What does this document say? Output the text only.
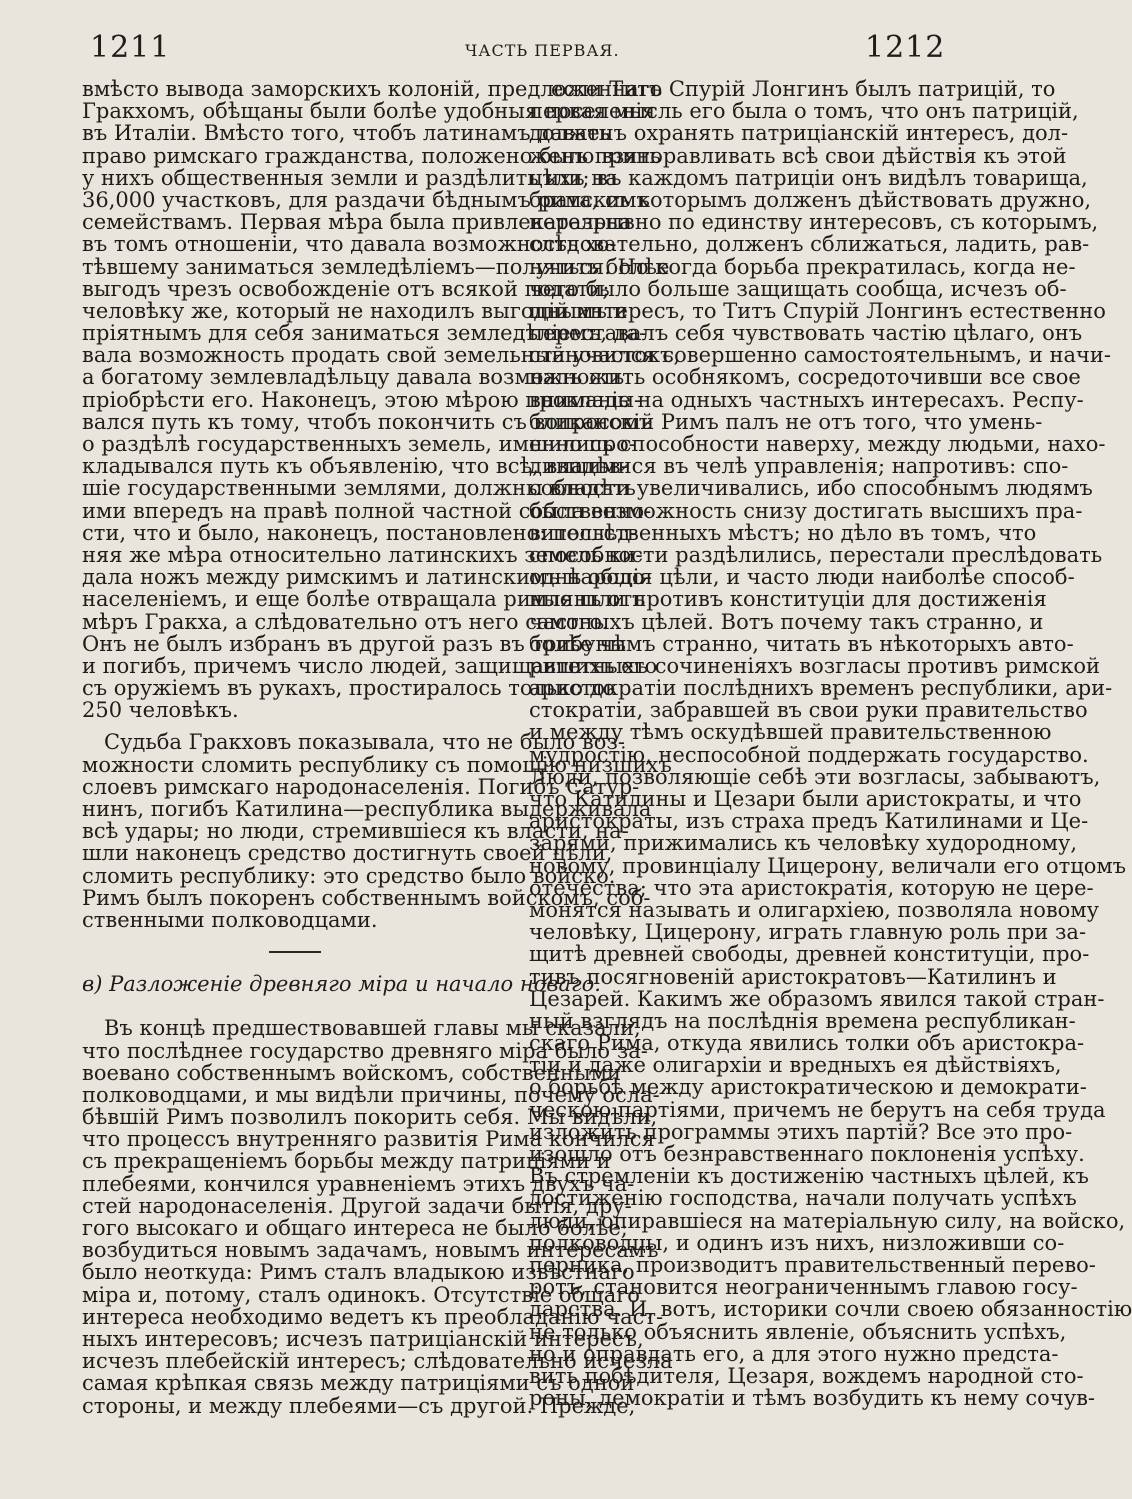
1211	ЧАСТЬ ПЕРВАЯ.	1212
вмѣсто вывода заморскихъ колоній, предложеннаго
Гракхомъ, обѣщаны были болѣе удобныя поселенія
въ Италіи. Вмѣсто того, чтобъ латинамъ давать
право римскаго гражданства, положено было взять
у нихъ общественныя земли и раздѣлить ихъ на
36,000 участковъ, для раздачи бѣднымъ римскимъ
семействамъ. Первая мѣра была привлекательна
въ томъ отношеніи, что давала возможность хо-
тѣвшему заниматься земледѣліемъ—получить болѣе
выгодъ чрезъ освобожденіе отъ всякой подати;
человѣку же, который не находилъ выгоднымъ и
пріятнымъ для себя заниматься земледѣліемъ, да-
вала возможность продать свой земельный участокъ,
а богатому землевладѣльцу давала возможность
пріобрѣсти его. Наконецъ, этою мѣрою проклады-
вался путь къ тому, чтобъ покончить съ вопросомъ
о раздѣлѣ государственныхъ земель, именно про-
кладывался путь къ объявленію, что всѣ, владѣв-
шіе государственными землями, должны владѣть
ими впередъ на правѣ полной частной собственно-
сти, что и было, наконецъ, постановлено: послѣд-
няя же мѣра относительно латинскихъ земель ки-
дала ножъ между римскимъ и латинскимъ народо-
населеніемъ, и еще болѣе отвращала римлянъ отъ
мѣръ Гракха, а слѣдовательно отъ него самого.
Онъ не былъ избранъ въ другой разъ въ трибуны
и погибъ, причемъ число людей, защищавшихъ его
съ оружіемъ въ рукахъ, простиралось только до
250 человѣкъ.
Судьба Гракховъ показывала, что не было воз-
можности сломить республику съ помощію низшихъ
слоевъ римскаго народонаселенія. Погибъ Сатур-
нинъ, погибъ Катилина—республика выдерживала
всѣ удары; но люди, стремившіеся къ власти, на-
шли наконецъ средство достигнуть своей цѣли,
сломить республику: это средство было войско.
Римъ былъ покоренъ собственнымъ войскомъ, соб-
ственными полководцами.
в) Разложеніе древняго міра и начало новаго.
Въ концѣ предшествовавшей главы мы сказали,
что послѣднее государство древняго міра было за-
воевано собственнымъ войскомъ, собственными
полководцами, и мы видѣли причины, почему осла-
бѣвшій Римъ позволилъ покорить себя. Мы видѣли,
что процессъ внутренняго развитія Рима кончился
съ прекращеніемъ борьбы между патриціями и
плебеями, кончился уравненіемъ этихъ двухъ ча-
стей народонаселенія. Другой задачи бытія, дру-
гого высокаго и общаго интереса не было болѣе;
возбудиться новымъ задачамъ, новымъ интересамъ
было неоткуда: Римъ сталъ владыкою извѣстнаго
міра и, потому, сталъ одинокъ. Отсутствіе общаго
интереса необходимо ведетъ къ преобладанію част-
ныхъ интересовъ; исчезъ патриціанскій интересъ,
исчезъ плебейскій интересъ; слѣдовательно исчезла
самая крѣпкая связь между патриціями съ одной
стороны, и между плебеями—съ другой. Прежде,
если Титъ Спурій Лонгинъ былъ патрицій, то
первая мысль его была о томъ, что онъ патрицій,
долженъ охранять патриціанскій интересъ, дол-
женъ приноравливать всѣ свои дѣйствія къ этой
цѣли; въ каждомъ патриціи онъ видѣлъ товарища,
брата, съ которымъ долженъ дѣйствовать дружно,
неразрывно по единству интересовъ, съ которымъ,
слѣдовательно, долженъ сближаться, ладить, рав-
няться. Но когда борьба прекратилась, когда не-
чего было больше защищать сообща, исчезъ об-
щій интересъ, то Титъ Спурій Лонгинъ естественно
переставалъ себя чувствовать частію цѣлаго, онъ
становился совершенно самостоятельнымъ, и начи-
налъ жить особнякомъ, сосредоточивши все свое
вниманіе на одныхъ частныхъ интересахъ. Респу-
бликанскій Римъ палъ не отъ того, что умень-
шились способности наверху, между людьми, нахо-
дившимися въ челѣ управленія; напротивъ: спо-
собности увеличивались, ибо способнымъ людямъ
была возможность снизу достигать высшихъ пра-
вительственныхъ мѣстъ; но дѣло въ томъ, что
способности раздѣлились, перестали преслѣдовать
однѣ общія цѣли, и часто люди наиболѣе способ-
ные шли противъ конституціи для достиженія
частныхъ цѣлей. Вотъ почему такъ странно, и
болѣе чѣмъ странно, читать въ нѣкоторыхъ авто-
ритетныхъ сочиненіяхъ возгласы противъ римской
аристократіи послѣднихъ временъ республики, ари-
стократіи, забравшей въ свои руки правительство
и между тѣмъ оскудѣвшей правительственною
мудростію, неспособной поддержать государство.
Люди, позволяющіе себѣ эти возгласы, забываютъ,
что Катилины и Цезари были аристократы, и что
аристократы, изъ страха предъ Катилинами и Це-
зарями, прижимались къ человѣку худородному,
новому, провинціалу Цицерону, величали его отцомъ
отечества; что эта аристократія, которую не цере-
монятся называть и олигархіею, позволяла новому
человѣку, Цицерону, играть главную роль при за-
щитѣ древней свободы, древней конституціи, про-
тивъ посягновеній аристократовъ—Катилинъ и
Цезарей. Какимъ же образомъ явился такой стран-
ный взглядъ на послѣднія времена республикан-
скаго Рима, откуда явились толки объ аристокра-
тіи и даже олигархіи и вредныхъ ея дѣйствіяхъ,
о борьбѣ между аристократическою и демократи-
ческою партіями, причемъ не берутъ на себя труда
изложить программы этихъ партій? Все это про-
изошло отъ безнравственнаго поклоненія успѣху.
Въ стремленіи къ достиженію частныхъ цѣлей, къ
достиженію господства, начали получать успѣхъ
люди, опиравшіеся на матеріальную силу, на войско,
полководцы, и одинъ изъ нихъ, низложивши со-
перника, производитъ правительственный перево-
ротъ, становится неограниченнымъ главою госу-
дарства. И, вотъ, историки сочли своею обязанностію
не только объяснить явленіе, объяснить успѣхъ,
но и оправдать его, а для этого нужно предста-
вить побѣдителя, Цезаря, вождемъ народной сто-
роны, демократіи и тѣмъ возбудить къ нему сочув-
